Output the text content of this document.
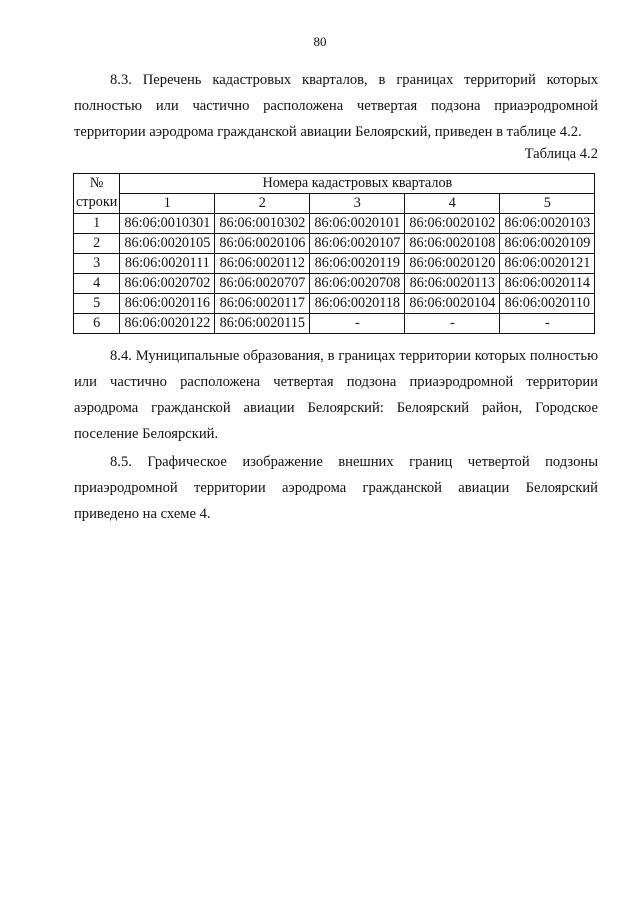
80
8.3. Перечень кадастровых кварталов, в границах территорий которых
полностью или частично расположена четвертая подзона приаэродромной
территории аэродрома гражданской авиации Белоярский, приведен в таблице 4.2.
Таблица 4.2
№
строки	Номера кадастровых кварталов				
	1	2	3	4	5
1	86:06:0010301	86:06:0010302	86:06:0020101	86:06:0020102	86:06:0020103
2	86:06:0020105	86:06:0020106	86:06:0020107	86:06:0020108	86:06:0020109
3	86:06:0020111	86:06:0020112	86:06:0020119	86:06:0020120	86:06:0020121
4	86:06:0020702	86:06:0020707	86:06:0020708	86:06:0020113	86:06:0020114
5	86:06:0020116	86:06:0020117	86:06:0020118	86:06:0020104	86:06:0020110
6	86:06:0020122	86:06:0020115	-	-	-
8.4. Муниципальные образования, в границах территории которых полностью
или частично расположена четвертая подзона приаэродромной территории
аэродрома гражданской авиации Белоярский: Белоярский район, Городское
поселение Белоярский.
8.5. Графическое изображение внешних границ четвертой подзоны
приаэродромной территории аэродрома гражданской авиации Белоярский
приведено на схеме 4.
